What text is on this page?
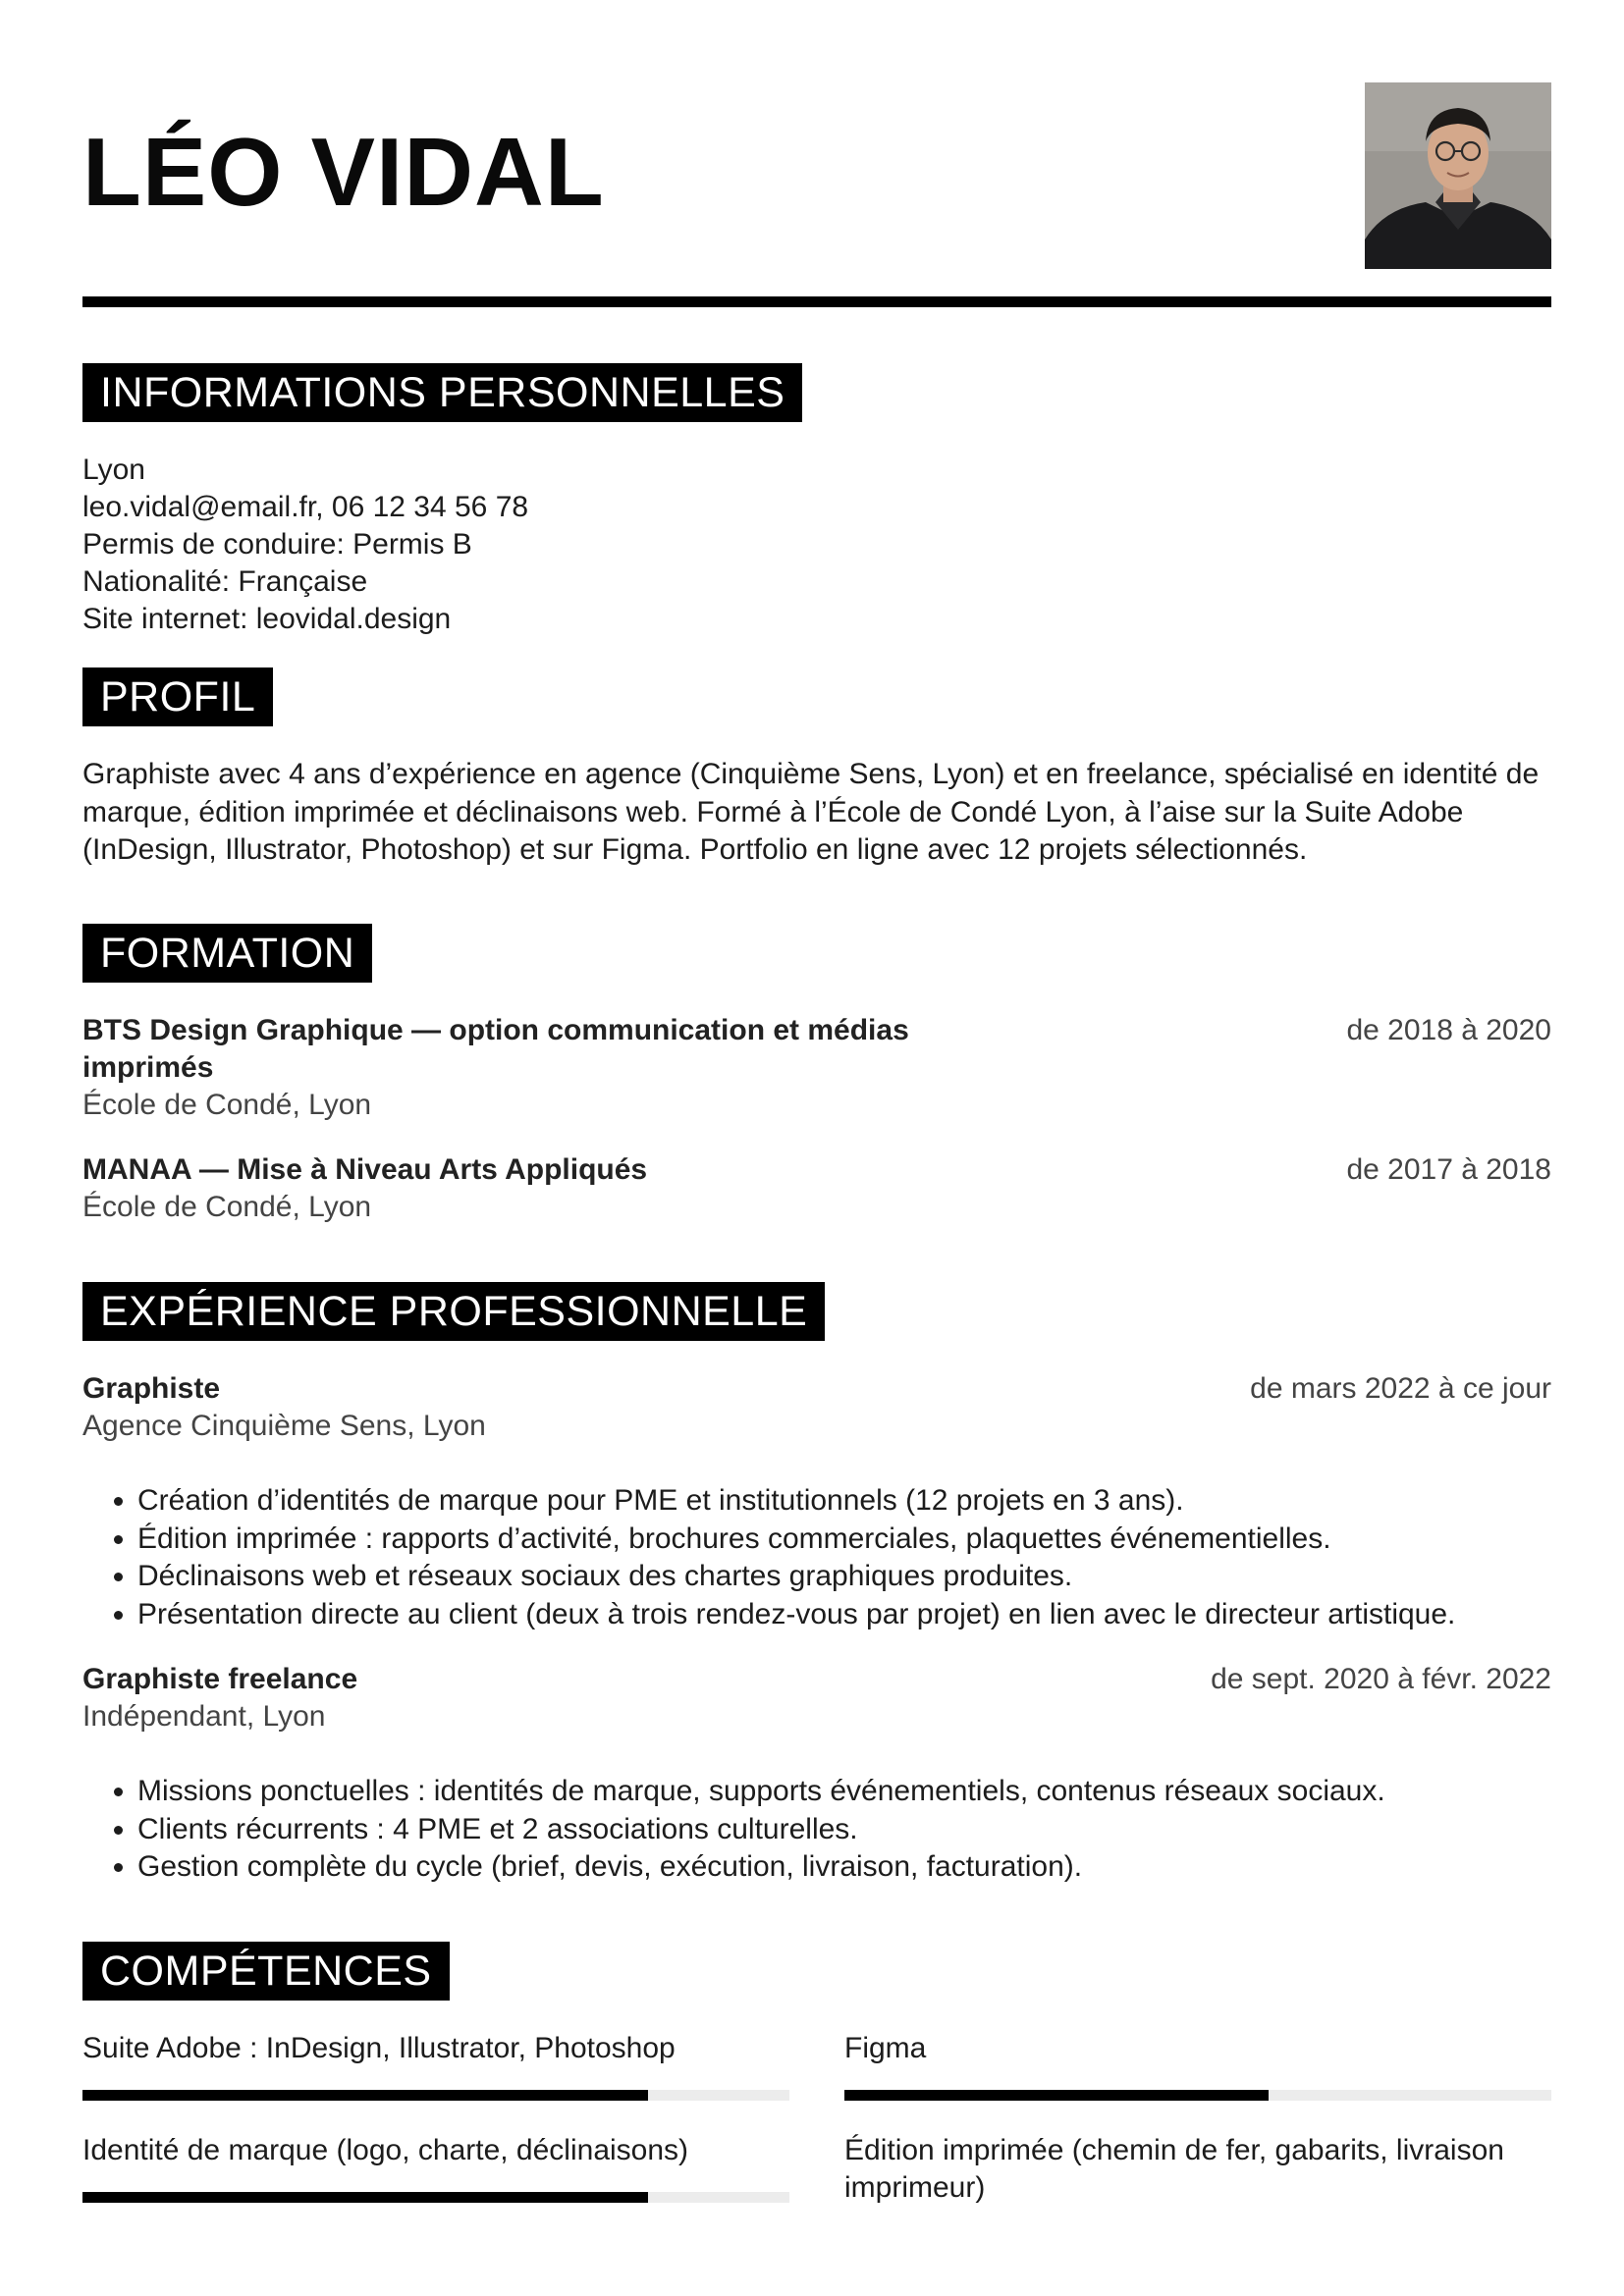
LÉO VIDAL
INFORMATIONS PERSONNELLES
Lyon
leo.vidal@email.fr, 06 12 34 56 78
Permis de conduire: Permis B
Nationalité: Française
Site internet: leovidal.design
PROFIL

Graphiste avec 4 ans d’expérience en agence (Cinquième Sens, Lyon) et en freelance, spécialisé en identité de marque, édition imprimée et déclinaisons web. Formé à l’École de Condé Lyon, à l’aise sur la Suite Adobe (InDesign, Illustrator, Photoshop) et sur Figma. Portfolio en ligne avec 12 projets sélectionnés.

FORMATION
BTS Design Graphique — option communication et médias
imprimés
École de Condé, Lyon
de 2018 à 2020
MANAA — Mise à Niveau Arts Appliqués
École de Condé, Lyon
de 2017 à 2018
EXPÉRIENCE PROFESSIONNELLE
Graphiste
Agence Cinquième Sens, Lyon
de mars 2022 à ce jour
• Création d’identités de marque pour PME et institutionnels (12 projets en 3 ans).
• Édition imprimée : rapports d’activité, brochures commerciales, plaquettes événementielles.
• Déclinaisons web et réseaux sociaux des chartes graphiques produites.
• Présentation directe au client (deux à trois rendez-vous par projet) en lien avec le directeur artistique.
Graphiste freelance
Indépendant, Lyon
de sept. 2020 à févr. 2022
• Missions ponctuelles : identités de marque, supports événementiels, contenus réseaux sociaux.
• Clients récurrents : 4 PME et 2 associations culturelles.
• Gestion complète du cycle (brief, devis, exécution, livraison, facturation).
COMPÉTENCES
Suite Adobe : InDesign, Illustrator, Photoshop	Figma
Identité de marque (logo, charte, déclinaisons)	Édition imprimée (chemin de fer, gabarits, livraison
imprimeur)
